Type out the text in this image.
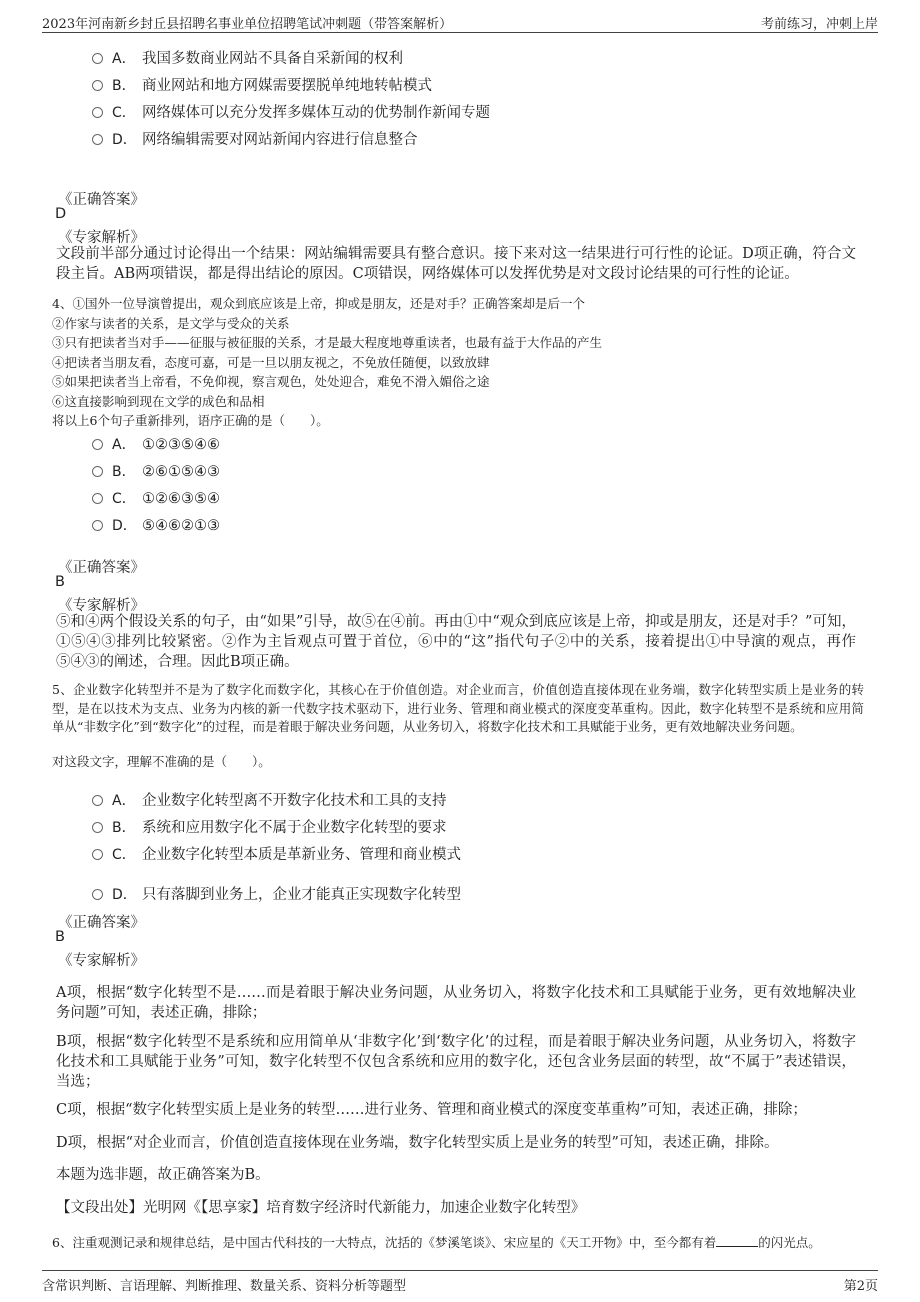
2023年河南新乡封丘县招聘名事业单位招聘笔试冲刺题（带答案解析）	考前练习，冲刺上岸
A． 我国多数商业网站不具备自采新闻的权利
B． 商业网站和地方网媒需要摆脱单纯地转帖模式
C． 网络媒体可以充分发挥多媒体互动的优势制作新闻专题
D． 网络编辑需要对网站新闻内容进行信息整合
《正确答案》
D
《专家解析》
文段前半部分通过讨论得出一个结果：网站编辑需要具有整合意识。接下来对这一结果进行可行性的论证。D项正确，符合文段主旨。AB两项错误，都是得出结论的原因。C项错误，网络媒体可以发挥优势是对文段讨论结果的可行性的论证。
4、①国外一位导演曾提出，观众到底应该是上帝，抑或是朋友，还是对手？正确答案却是后一个
②作家与读者的关系，是文学与受众的关系
③只有把读者当对手——征服与被征服的关系，才是最大程度地尊重读者，也最有益于大作品的产生
④把读者当朋友看，态度可嘉，可是一旦以朋友视之，不免放任随便，以致放肆
⑤如果把读者当上帝看，不免仰视，察言观色，处处迎合，难免不滑入媚俗之途
⑥这直接影响到现在文学的成色和品相
将以上6个句子重新排列，语序正确的是（　　）。
A． ①②③⑤④⑥
B． ②⑥①⑤④③
C． ①②⑥③⑤④
D． ⑤④⑥②①③
《正确答案》
B
《专家解析》
⑤和④两个假设关系的句子，由“如果”引导，故⑤在④前。再由①中“观众到底应该是上帝，抑或是朋友，还是对手？”可知，①⑤④③排列比较紧密。②作为主旨观点可置于首位，⑥中的“这”指代句子②中的关系，接着提出①中导演的观点，再作⑤④③的阐述，合理。因此B项正确。
5、企业数字化转型并不是为了数字化而数字化，其核心在于价值创造。对企业而言，价值创造直接体现在业务端，数字化转型实质上是业务的转型，是在以技术为支点、业务为内核的新一代数字技术驱动下，进行业务、管理和商业模式的深度变革重构。因此，数字化转型不是系统和应用简单从“非数字化”到“数字化”的过程，而是着眼于解决业务问题，从业务切入，将数字化技术和工具赋能于业务，更有效地解决业务问题。
对这段文字，理解不准确的是（　　）。
A． 企业数字化转型离不开数字化技术和工具的支持
B． 系统和应用数字化不属于企业数字化转型的要求
C． 企业数字化转型本质是革新业务、管理和商业模式
D． 只有落脚到业务上，企业才能真正实现数字化转型
《正确答案》
B
《专家解析》
A项，根据“数字化转型不是……而是着眼于解决业务问题，从业务切入，将数字化技术和工具赋能于业务，更有效地解决业务问题”可知，表述正确，排除；
B项，根据“数字化转型不是系统和应用简单从‘非数字化’到‘数字化’的过程，而是着眼于解决业务问题，从业务切入，将数字化技术和工具赋能于业务”可知，数字化转型不仅包含系统和应用的数字化，还包含业务层面的转型，故“不属于”表述错误，当选；
C项，根据“数字化转型实质上是业务的转型……进行业务、管理和商业模式的深度变革重构”可知，表述正确，排除；
D项，根据“对企业而言，价值创造直接体现在业务端，数字化转型实质上是业务的转型”可知，表述正确，排除。
本题为选非题，故正确答案为B。
【文段出处】光明网《【思享家】培育数字经济时代新能力，加速企业数字化转型》
6、注重观测记录和规律总结，是中国古代科技的一大特点，沈括的《梦溪笔谈》、宋应星的《天工开物》中，至今都有着	的闪光点。
含常识判断、言语理解、判断推理、数量关系、资料分析等题型	第2页
